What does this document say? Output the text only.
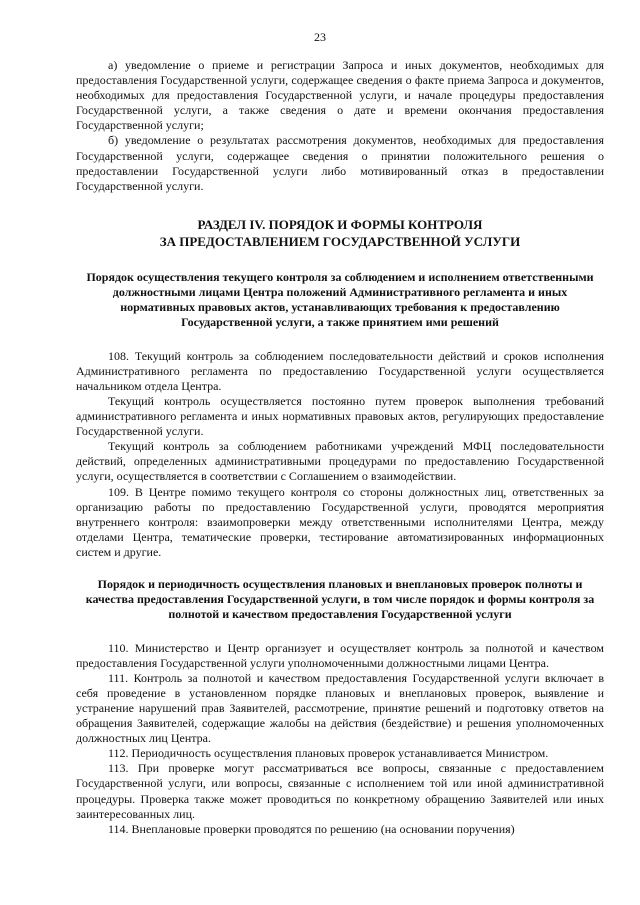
23

а) уведомление о приеме и регистрации Запроса и иных документов, необходимых для предоставления Государственной услуги, содержащее сведения о факте приема Запроса и документов, необходимых для предоставления Государственной услуги, и начале процедуры предоставления Государственной услуги, а также сведения о дате и времени окончания предоставления Государственной услуги;

б) уведомление о результатах рассмотрения документов, необходимых для предоставления Государственной услуги, содержащее сведения о принятии положительного решения о предоставлении Государственной услуги либо мотивированный отказ в предоставлении Государственной услуги.

РАЗДЕЛ IV. ПОРЯДОК И ФОРМЫ КОНТРОЛЯ
ЗА ПРЕДОСТАВЛЕНИЕМ ГОСУДАРСТВЕННОЙ УСЛУГИ
Порядок осуществления текущего контроля за соблюдением и исполнением ответственными должностными лицами Центра положений Административного регламента и иных нормативных правовых актов, устанавливающих требования к предоставлению Государственной услуги, а также принятием ими решений

108. Текущий контроль за соблюдением последовательности действий и сроков исполнения Административного регламента по предоставлению Государственной услуги осуществляется начальником отдела Центра.

Текущий контроль осуществляется постоянно путем проверок выполнения требований административного регламента и иных нормативных правовых актов, регулирующих предоставление Государственной услуги.

Текущий контроль за соблюдением работниками учреждений МФЦ последовательности действий, определенных административными процедурами по предоставлению Государственной услуги, осуществляется в соответствии с Соглашением о взаимодействии.

109. В Центре помимо текущего контроля со стороны должностных лиц, ответственных за организацию работы по предоставлению Государственной услуги, проводятся мероприятия внутреннего контроля: взаимопроверки между ответственными исполнителями Центра, между отделами Центра, тематические проверки, тестирование автоматизированных информационных систем и другие.

Порядок и периодичность осуществления плановых и внеплановых проверок полноты и качества предоставления Государственной услуги, в том числе порядок и формы контроля за полнотой и качеством предоставления Государственной услуги

110. Министерство и Центр организует и осуществляет контроль за полнотой и качеством предоставления Государственной услуги уполномоченными должностными лицами Центра.

111. Контроль за полнотой и качеством предоставления Государственной услуги включает в себя проведение в установленном порядке плановых и внеплановых проверок, выявление и устранение нарушений прав Заявителей, рассмотрение, принятие решений и подготовку ответов на обращения Заявителей, содержащие жалобы на действия (бездействие) и решения уполномоченных должностных лиц Центра.

112. Периодичность осуществления плановых проверок устанавливается Министром.

113. При проверке могут рассматриваться все вопросы, связанные с предоставлением Государственной услуги, или вопросы, связанные с исполнением той или иной административной процедуры. Проверка также может проводиться по конкретному обращению Заявителей или иных заинтересованных лиц.

114. Внеплановые проверки проводятся по решению (на основании поручения)
